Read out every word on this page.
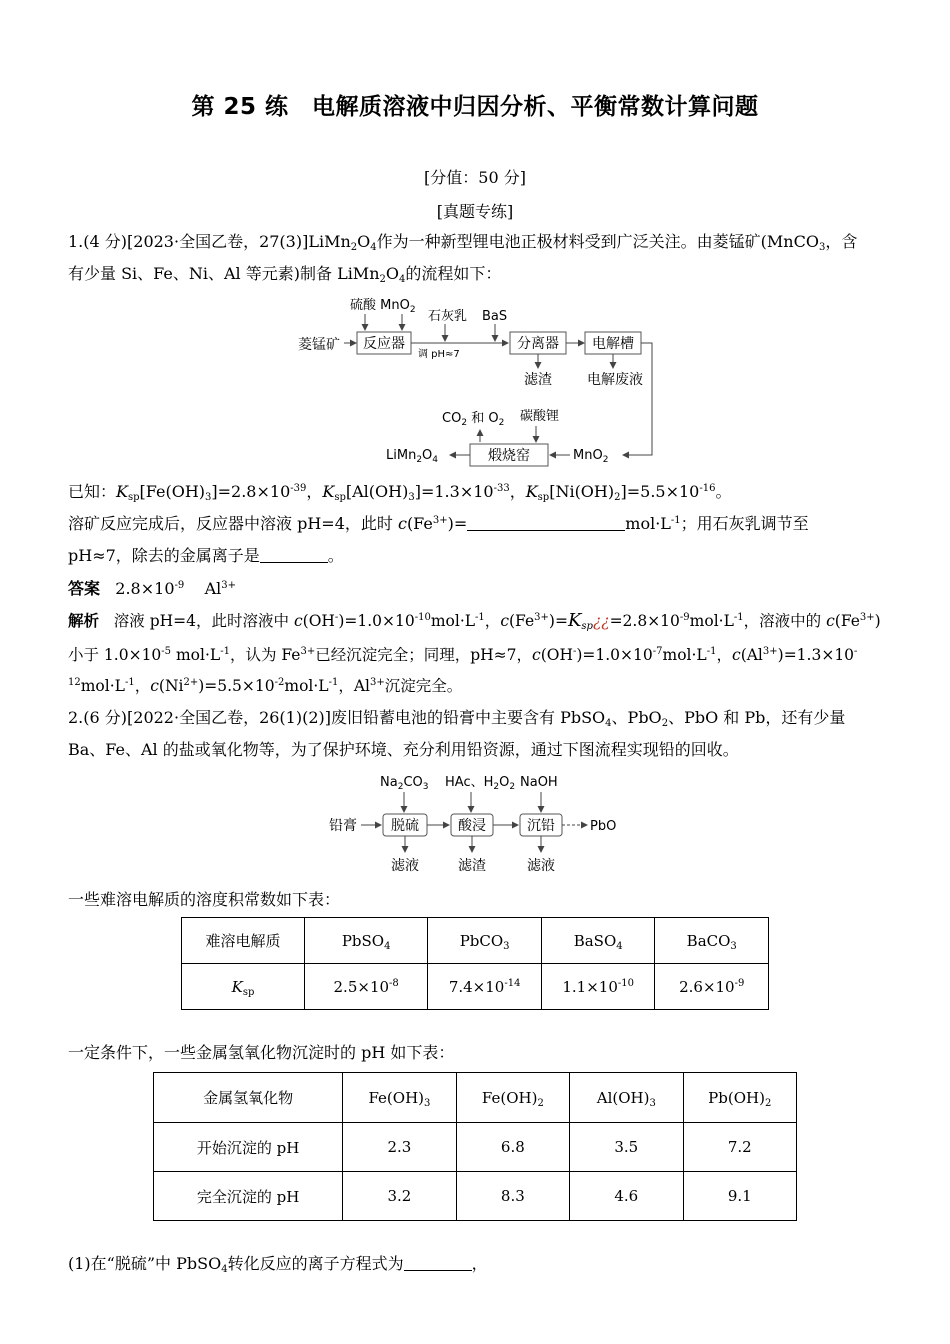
第 25 练　电解质溶液中归因分析、平衡常数计算问题
[分值：50 分]
[真题专练]
1.(4 分)[2023·全国乙卷，$27(3)]LiMn_2O_4$作为一种新型锂电池正极材料受到广泛关注。由菱锰矿(MnCO$_3$，含
有少量 Si、Fe、Ni、Al 等元素)制备 $LiMn_2O_4$的流程如下：
硫酸 MnO$_2$
菱锰矿 反应器
石灰乳 BaS
调 pH≈7
分离器 电解槽
滤渣	电解废液
$CO_2$ 和 $O_2$ 碳酸锂
煅烧窑	MnO$_2$
$LiMn_2O_4$
已知：$K_{sp}[Fe(OH)_3]=2.8\times 10^{-39}$，$K_{sp}[Al(OH)_3]=1.3\times 10^{-33}$，$K_{sp}[Ni(OH)_2]=5.5\times 10^{-16}$。
溶矿反应完成后，反应器中溶液 pH=4，此时 $c(Fe^{3+})=$	$mol\cdot L^{-1}$；用石灰乳调节至
pH≈7，除去的金属离子是	。
答案 $2.8\times 10^{-9}$ $Al^{3+}$
解析 溶液 pH=4，此时溶液中 $c(OH^-)=1.0\times 10^{-10}mol\cdot L^{-1}$，$c(Fe^{3+})=K_{sp}¿¿=2.8\times 10^{-9}mol\cdot L^{-1}$，溶液中的 $c(Fe^{3+})$
小于 $1.0\times 10^{-5}$ $mol\cdot L^{-1}$，认为 $Fe^{3+}$已经沉淀完全；同理，pH≈7，$c(OH^-)=1.0\times 10^{-7}mol\cdot L^{-1}$，$c(Al^{3+})=1.3\times 10^-$
$^{12}mol\cdot L^{-1}$，$c(Ni^{2+})=5.5\times 10^{-2}mol\cdot L^{-1}$，$Al^{3+}$沉淀完全。
2.(6 分)[2022·全国乙卷，26(1)(2)]废旧铅蓄电池的铅膏中主要含有 PbSO$_4$、PbO$_2$、PbO 和 Pb，还有少量
Ba、Fe、Al 的盐或氧化物等，为了保护环境、充分利用铅资源，通过下图流程实现铅的回收。
$Na_2CO_3$ HAc、$H_2O_2$ NaOH
铅膏 脱硫	酸浸	沉铅	PbO
滤液	滤渣	滤液
一些难溶电解质的溶度积常数如下表：
难溶电解质	PbSO$_4$	PbCO$_3$	BaSO$_4$	BaCO$_3$
$K_{sp}$	$2.5\times 10^{-8}$	$7.4\times 10^{-14}$	$1.1\times 10^{-10}$	$2.6\times 10^{-9}$
一定条件下，一些金属氢氧化物沉淀时的 pH 如下表：
金属氢氧化物	$Fe(OH)_3$	$Fe(OH)_2$	$Al(OH)_3$	$Pb(OH)_2$
开始沉淀的 pH	2.3	6.8	3.5	7.2
完全沉淀的 pH	3.2	8.3	4.6	9.1
(1)在“脱硫”中 PbSO$_4$转化反应的离子方程式为	，
